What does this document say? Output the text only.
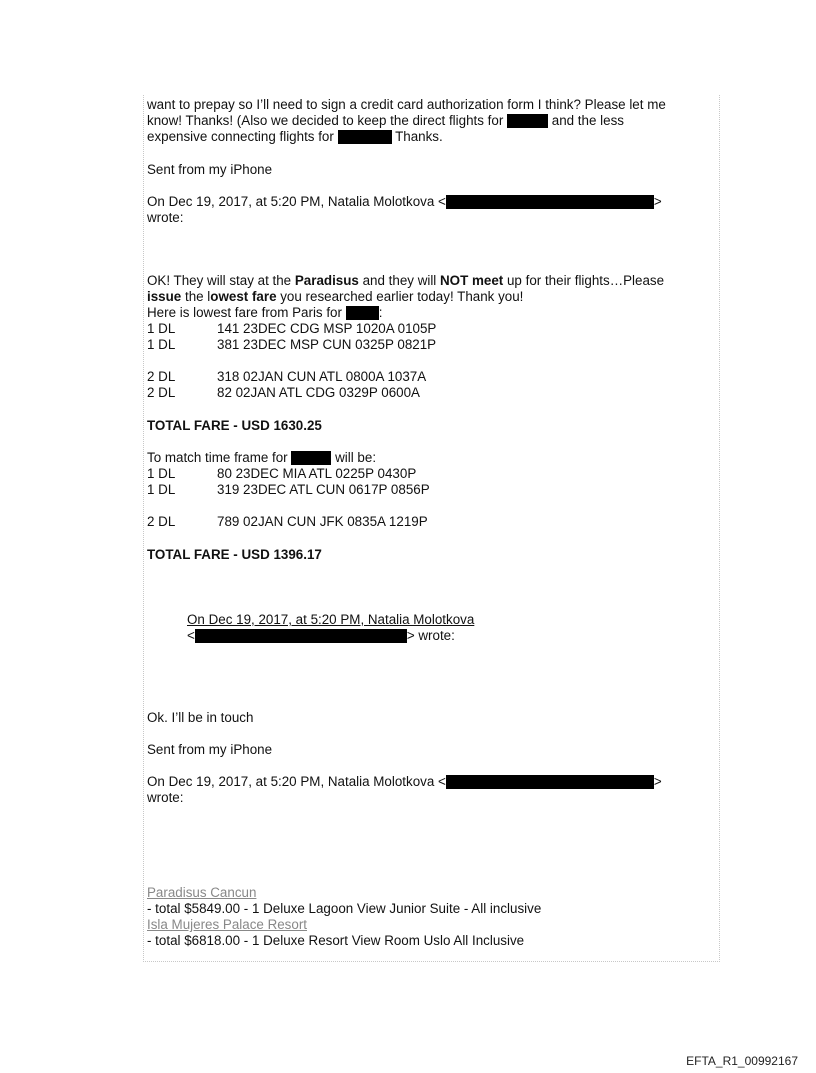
want to prepay so I’ll need to sign a credit card authorization form I think? Please let me
know! Thanks! (Also we decided to keep the direct flights for	and the less
expensive connecting flights for	Thanks.
Sent from my iPhone
On Dec 19, 2017, at 5:20 PM, Natalia Molotkova <	>
wrote:
OK! They will stay at the Paradisus and they will NOT meet up for their flights…Please
issue the lowest fare you researched earlier today! Thank you!
Here is lowest fare from Paris for	:
1 DL	141 23DEC CDG MSP 1020A 0105P
1 DL	381 23DEC MSP CUN 0325P 0821P
2 DL	318 02JAN CUN ATL 0800A 1037A
2 DL	82 02JAN ATL CDG 0329P 0600A
TOTAL FARE - USD 1630.25
To match time frame for	will be:
1 DL	80 23DEC MIA ATL 0225P 0430P
1 DL	319 23DEC ATL CUN 0617P 0856P
2 DL	789 02JAN CUN JFK 0835A 1219P
TOTAL FARE - USD 1396.17
On Dec 19, 2017, at 5:20 PM, Natalia Molotkova
<	> wrote:
Ok. I’ll be in touch
Sent from my iPhone
On Dec 19, 2017, at 5:20 PM, Natalia Molotkova <	>
wrote:
Paradisus Cancun
- total $5849.00 - 1 Deluxe Lagoon View Junior Suite - All inclusive
Isla Mujeres Palace Resort
- total $6818.00 - 1 Deluxe Resort View Room Uslo All Inclusive
EFTA_R1_00992167
